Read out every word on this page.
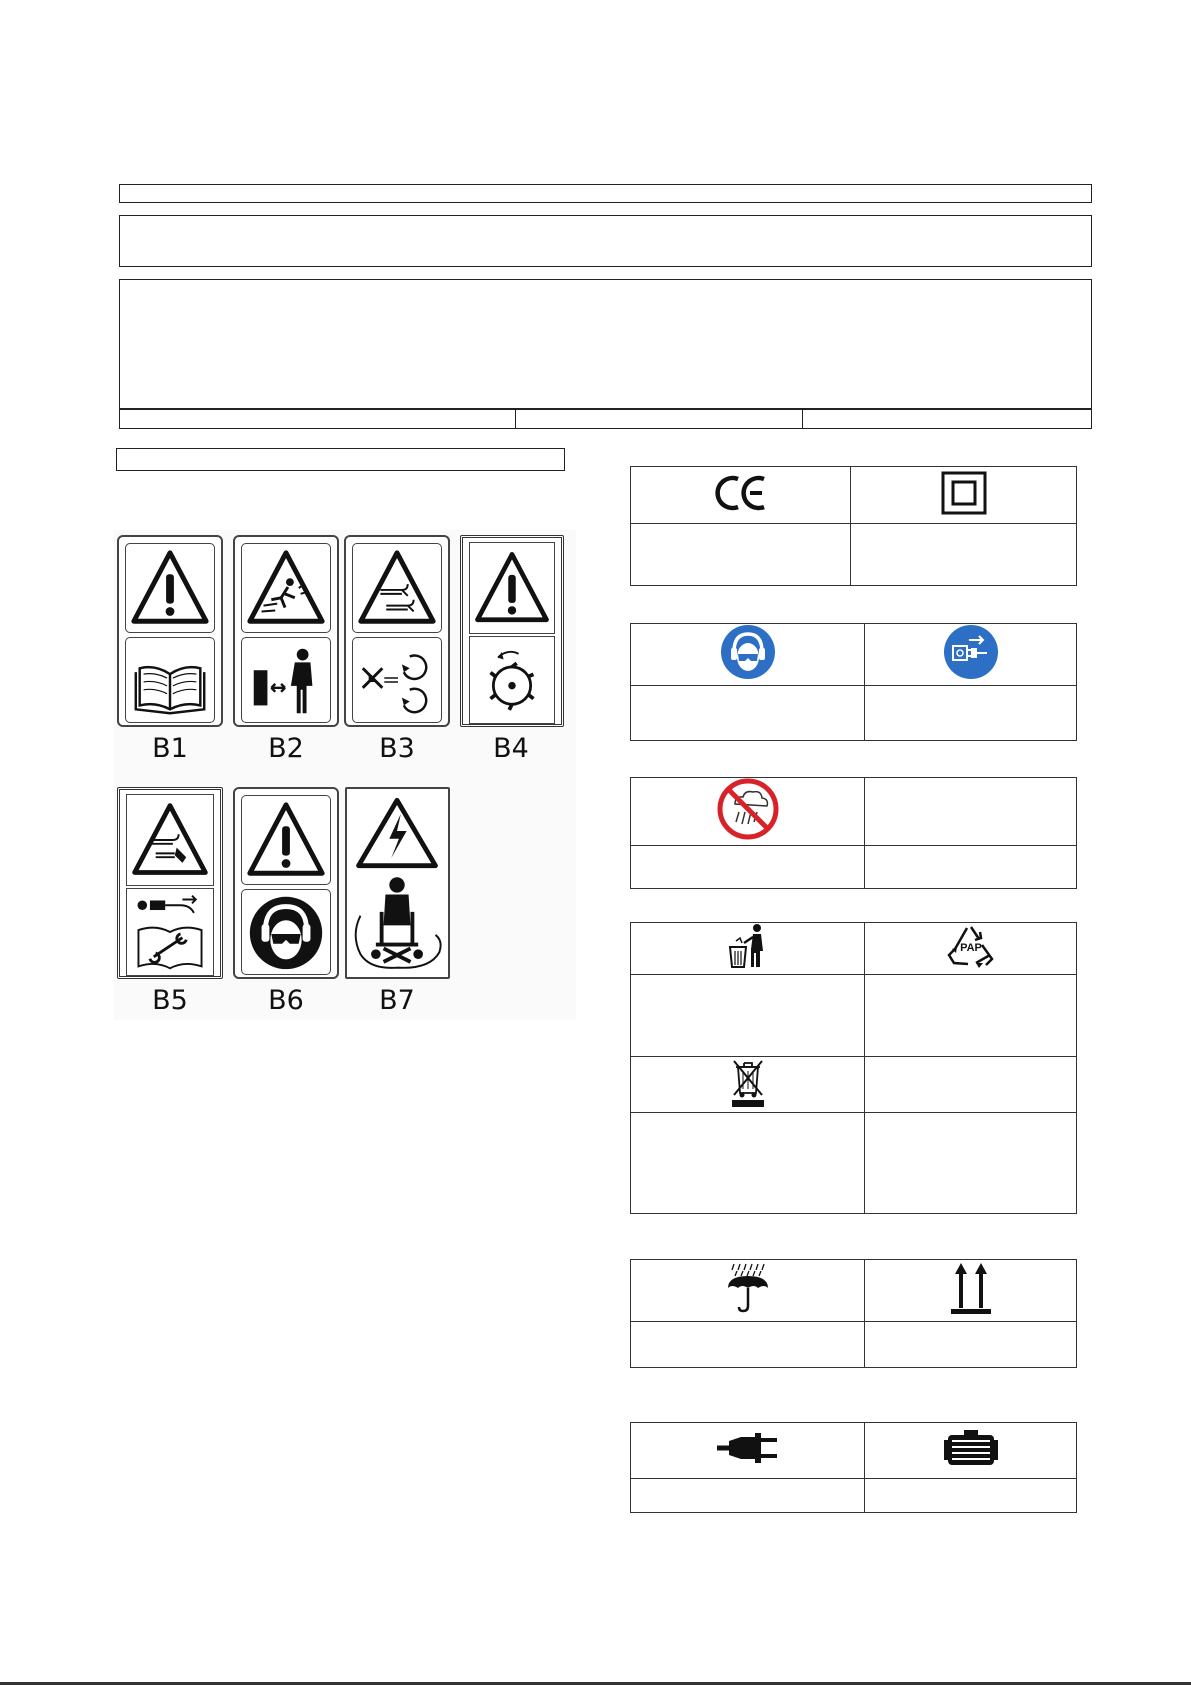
B1	B2	B3	B4
B5	B6	B7

PAP
